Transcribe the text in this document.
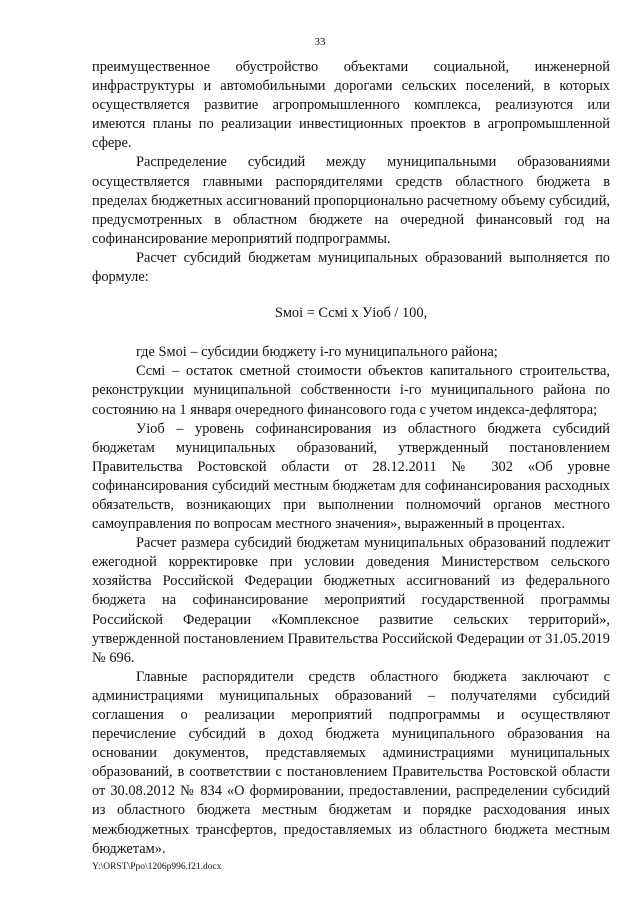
33

преимущественное обустройство объектами социальной, инженерной инфраструктуры и автомобильными дорогами сельских поселений, в которых осуществляется развитие агропромышленного комплекса, реализуются или имеются планы по реализации инвестиционных проектов в агропромышленной сфере.

Распределение субсидий между муниципальными образованиями осуществляется главными распорядителями средств областного бюджета в пределах бюджетных ассигнований пропорционально расчетному объему субсидий, предусмотренных в областном бюджете на очередной финансовый год на софинансирование мероприятий подпрограммы.

Расчет субсидий бюджетам муниципальных образований выполняется по формуле:

Sмоi = Ссмi х Уiоб / 100,

где Sмоi – субсидии бюджету i-го муниципального района;

Ссмi – остаток сметной стоимости объектов капитального строительства, реконструкции муниципальной собственности i-го муниципального района по состоянию на 1 января очередного финансового года с учетом индекса-дефлятора;

Уiоб – уровень софинансирования из областного бюджета субсидий бюджетам муниципальных образований, утвержденный постановлением Правительства Ростовской области от 28.12.2011 № 302 «Об уровне софинансирования субсидий местным бюджетам для софинансирования расходных обязательств, возникающих при выполнении полномочий органов местного самоуправления по вопросам местного значения», выраженный в процентах.

Расчет размера субсидий бюджетам муниципальных образований подлежит ежегодной корректировке при условии доведения Министерством сельского хозяйства Российской Федерации бюджетных ассигнований из федерального бюджета на софинансирование мероприятий государственной программы Российской Федерации «Комплексное развитие сельских территорий», утвержденной постановлением Правительства Российской Федерации от 31.05.2019 № 696.

Главные распорядители средств областного бюджета заключают с администрациями муниципальных образований – получателями субсидий соглашения о реализации мероприятий подпрограммы и осуществляют перечисление субсидий в доход бюджета муниципального образования на основании документов, представляемых администрациями муниципальных образований, в соответствии с постановлением Правительства Ростовской области от 30.08.2012 № 834 «О формировании, предоставлении, распределении субсидий из областного бюджета местным бюджетам и порядке расходования иных межбюджетных трансфертов, предоставляемых из областного бюджета местным бюджетам».

Y:\ORST\Ppo\1206p996.f21.docx
